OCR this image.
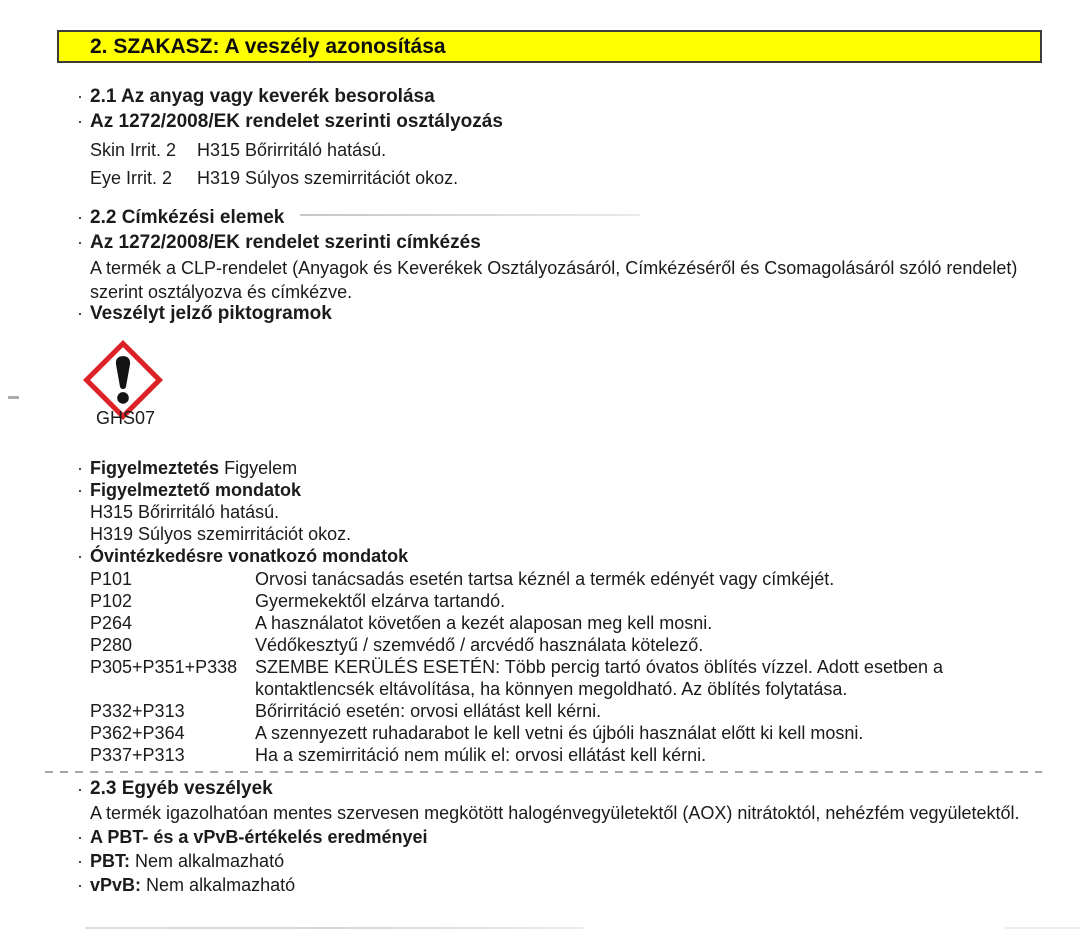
2. SZAKASZ: A veszély azonosítása
· 2.1 Az anyag vagy keverék besorolása
· Az 1272/2008/EK rendelet szerinti osztályozás
Skin Irrit. 2	H315 Bőrirritáló hatású.
Eye Irrit. 2	H319 Súlyos szemirritációt okoz.
· 2.2 Címkézési elemek
· Az 1272/2008/EK rendelet szerinti címkézés
A termék a CLP-rendelet (Anyagok és Keverékek Osztályozásáról, Címkézéséről és Csomagolásáról szóló rendelet) szerint osztályozva és címkézve.
· Veszélyt jelző piktogramok
GHS07
· Figyelmeztetés Figyelem
· Figyelmeztető mondatok
H315 Bőrirritáló hatású.
H319 Súlyos szemirritációt okoz.
· Óvintézkedésre vonatkozó mondatok
P101	Orvosi tanácsadás esetén tartsa kéznél a termék edényét vagy címkéjét.
P102	Gyermekektől elzárva tartandó.
P264	A használatot követően a kezét alaposan meg kell mosni.
P280	Védőkesztyű / szemvédő / arcvédő használata kötelező.
P305+P351+P338 SZEMBE KERÜLÉS ESETÉN: Több percig tartó óvatos öblítés vízzel. Adott esetben a kontaktlencsék eltávolítása, ha könnyen megoldható. Az öblítés folytatása.
P332+P313	Bőrirritáció esetén: orvosi ellátást kell kérni.
P362+P364	A szennyezett ruhadarabot le kell vetni és újbóli használat előtt ki kell mosni.
P337+P313	Ha a szemirritáció nem múlik el: orvosi ellátást kell kérni.
· 2.3 Egyéb veszélyek
A termék igazolhatóan mentes szervesen megkötött halogénvegyületektől (AOX) nitrátoktól, nehézfém vegyületektől.
· A PBT- és a vPvB-értékelés eredményei
· PBT: Nem alkalmazható
· vPvB: Nem alkalmazható
